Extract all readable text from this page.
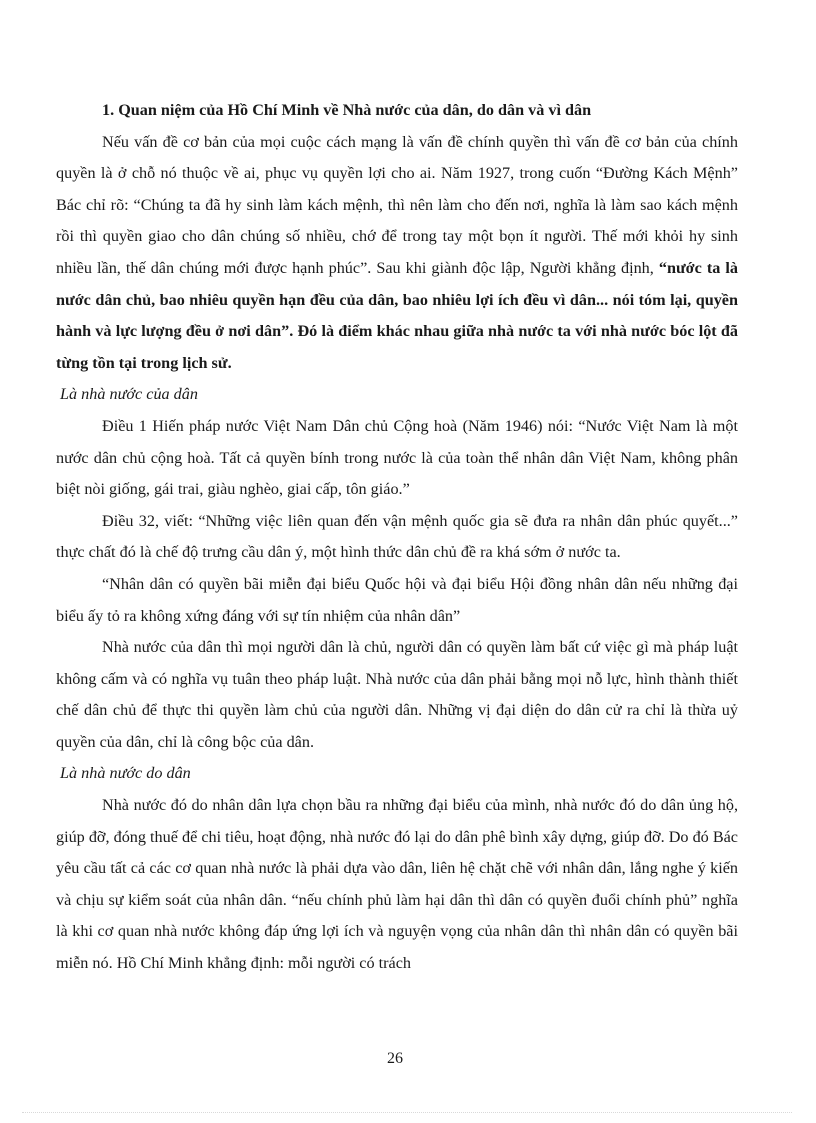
1. Quan niệm của Hồ Chí Minh về Nhà nước của dân, do dân và vì dân

Nếu vấn đề cơ bản của mọi cuộc cách mạng là vấn đề chính quyền thì vấn đề cơ bản của chính quyền là ở chỗ nó thuộc về ai, phục vụ quyền lợi cho ai. Năm 1927, trong cuốn “Đường Kách Mệnh” Bác chỉ rõ: “Chúng ta đã hy sinh làm kách mệnh, thì nên làm cho đến nơi, nghĩa là làm sao kách mệnh rồi thì quyền giao cho dân chúng số nhiều, chớ để trong tay một bọn ít người. Thế mới khỏi hy sinh nhiều lần, thế dân chúng mới được hạnh phúc”. Sau khi giành độc lập, Người khẳng định, “nước ta là nước dân chủ, bao nhiêu quyền hạn đều của dân, bao nhiêu lợi ích đều vì dân... nói tóm lại, quyền hành và lực lượng đều ở nơi dân”. Đó là điểm khác nhau giữa nhà nước ta với nhà nước bóc lột đã từng tồn tại trong lịch sử.

Là nhà nước của dân

Điều 1 Hiến pháp nước Việt Nam Dân chủ Cộng hoà (Năm 1946) nói: “Nước Việt Nam là một nước dân chủ cộng hoà. Tất cả quyền bính trong nước là của toàn thể nhân dân Việt Nam, không phân biệt nòi giống, gái trai, giàu nghèo, giai cấp, tôn giáo.”

Điều 32, viết: “Những việc liên quan đến vận mệnh quốc gia sẽ đưa ra nhân dân phúc quyết...” thực chất đó là chế độ trưng cầu dân ý, một hình thức dân chủ đề ra khá sớm ở nước ta.

“Nhân dân có quyền bãi miễn đại biểu Quốc hội và đại biểu Hội đồng nhân dân nếu những đại biểu ấy tỏ ra không xứng đáng với sự tín nhiệm của nhân dân”

Nhà nước của dân thì mọi người dân là chủ, người dân có quyền làm bất cứ việc gì mà pháp luật không cấm và có nghĩa vụ tuân theo pháp luật. Nhà nước của dân phải bằng mọi nỗ lực, hình thành thiết chế dân chủ để thực thi quyền làm chủ của người dân. Những vị đại diện do dân cử ra chỉ là thừa uỷ quyền của dân, chỉ là công bộc của dân.

Là nhà nước do dân

Nhà nước đó do nhân dân lựa chọn bầu ra những đại biểu của mình, nhà nước đó do dân ủng hộ, giúp đỡ, đóng thuế để chi tiêu, hoạt động, nhà nước đó lại do dân phê bình xây dựng, giúp đỡ. Do đó Bác yêu cầu tất cả các cơ quan nhà nước là phải dựa vào dân, liên hệ chặt chẽ với nhân dân, lắng nghe ý kiến và chịu sự kiểm soát của nhân dân. “nếu chính phủ làm hại dân thì dân có quyền đuổi chính phủ” nghĩa là khi cơ quan nhà nước không đáp ứng lợi ích và nguyện vọng của nhân dân thì nhân dân có quyền bãi miễn nó. Hồ Chí Minh khẳng định: mỗi người có trách

26
